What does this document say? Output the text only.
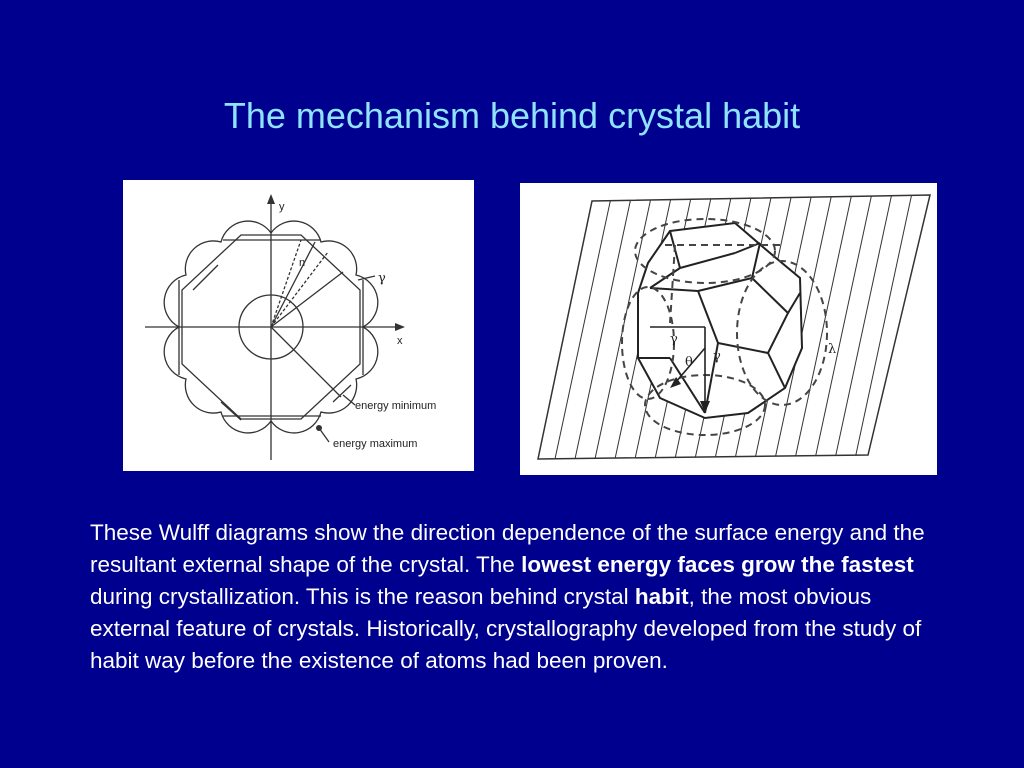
The mechanism behind crystal habit
y
x
n
γ
energy minimum
energy maximum
γ
θ γ	λ
These Wulff diagrams show the direction dependence of the surface energy and the resultant external shape of the crystal. The lowest energy faces grow the fastest during crystallization. This is the reason behind crystal habit, the most obvious external feature of crystals. Historically, crystallography developed from the study of habit way before the existence of atoms had been proven.
